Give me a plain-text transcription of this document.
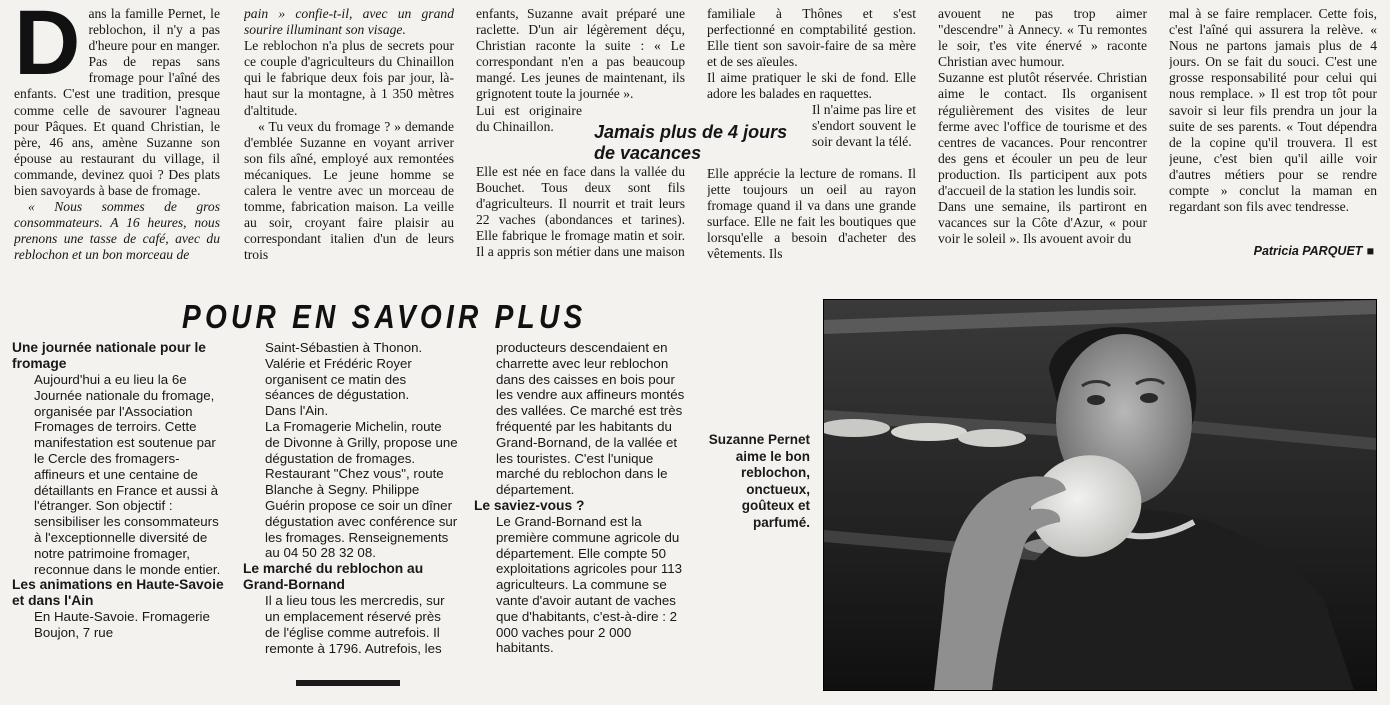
D ans la famille Pernet, le reblochon, il n'y a pas d'heure pour en manger. Pas de repas sans fromage pour l'aîné des enfants. C'est une tradition, presque comme celle de savourer l'agneau pour Pâques. Et quand Christian, le père, 46 ans, amène Suzanne son épouse au restaurant du village, il commande, devinez quoi ? Des plats bien savoyards à base de fromage.

« Nous sommes de gros consommateurs. A 16 heures, nous prenons une tasse de café, avec du reblochon et un bon morceau de

pain » confie-t-il, avec un grand sourire illuminant son visage.

Le reblochon n'a plus de secrets pour ce couple d'agriculteurs du Chinaillon qui le fabrique deux fois par jour, là-haut sur la montagne, à 1 350 mètres d'altitude.

« Tu veux du fromage ? » demande d'emblée Suzanne en voyant arriver son fils aîné, employé aux remontées mécaniques. Le jeune homme se calera le ventre avec un morceau de tomme, fabrication maison. La veille au soir, croyant faire plaisir au correspondant italien d'un de leurs trois

enfants, Suzanne avait préparé une raclette. D'un air légèrement déçu, Christian raconte la suite : « Le correspondant n'en a pas beaucoup mangé. Les jeunes de maintenant, ils grignotent toute la journée ».

Lui est originaire du Chinaillon.

Elle est née en face dans la vallée du Bouchet. Tous deux sont fils d'agriculteurs. Il nourrit et trait leurs 22 vaches (abondances et tarines). Elle fabrique le fromage matin et soir. Il a appris son métier dans une maison

Jamais plus de 4 jours de vacances

familiale à Thônes et s'est perfectionné en comptabilité gestion. Elle tient son savoir-faire de sa mère et de ses aïeules.

Il aime pratiquer le ski de fond. Elle adore les balades en raquettes.

Il n'aime pas lire et s'endort souvent le soir devant la télé.

Elle apprécie la lecture de romans. Il jette toujours un oeil au rayon fromage quand il va dans une grande surface. Elle ne fait les boutiques que lorsqu'elle a besoin d'acheter des vêtements. Ils

avouent ne pas trop aimer "descendre" à Annecy. « Tu remontes le soir, t'es vite énervé » raconte Christian avec humour.

Suzanne est plutôt réservée. Christian aime le contact. Ils organisent régulièrement des visites de leur ferme avec l'office de tourisme et des centres de vacances. Pour rencontrer des gens et écouler un peu de leur production. Ils participent aux pots d'accueil de la station les lundis soir.

Dans une semaine, ils partiront en vacances sur la Côte d'Azur, « pour voir le soleil ». Ils avouent avoir du

mal à se faire remplacer. Cette fois, c'est l'aîné qui assurera la relève. « Nous ne partons jamais plus de 4 jours. On se fait du souci. C'est une grosse responsabilité pour celui qui nous remplace. » Il est trop tôt pour savoir si leur fils prendra un jour la suite de ses parents. « Tout dépendra de la copine qu'il trouvera. Il est jeune, c'est bien qu'il aille voir d'autres métiers pour se rendre compte » conclut la maman en regardant son fils avec tendresse.

Patricia PARQUET ■
POUR EN SAVOIR PLUS
Une journée nationale pour le fromage

Aujourd'hui a eu lieu la 6e Journée nationale du fromage, organisée par l'Association Fromages de terroirs. Cette manifestation est soutenue par le Cercle des fromagers-affineurs et une centaine de détaillants en France et aussi à l'étranger. Son objectif : sensibiliser les consommateurs à l'exceptionnelle diversité de notre patrimoine fromager, reconnue dans le monde entier.

Les animations en Haute-Savoie et dans l'Ain

En Haute-Savoie. Fromagerie Boujon, 7 rue

Saint-Sébastien à Thonon. Valérie et Frédéric Royer organisent ce matin des séances de dégustation.

Dans l'Ain.

La Fromagerie Michelin, route de Divonne à Grilly, propose une dégustation de fromages. Restaurant "Chez vous", route Blanche à Segny. Philippe Guérin propose ce soir un dîner dégustation avec conférence sur les fromages. Renseignements au 04 50 28 32 08.

Le marché du reblochon au Grand-Bornand

Il a lieu tous les mercredis, sur un emplacement réservé près de l'église comme autrefois. Il remonte à 1796. Autrefois, les

producteurs descendaient en charrette avec leur reblochon dans des caisses en bois pour les vendre aux affineurs montés des vallées. Ce marché est très fréquenté par les habitants du Grand-Bornand, de la vallée et les touristes. C'est l'unique marché du reblochon dans le département.

Le saviez-vous ?

Le Grand-Bornand est la première commune agricole du département. Elle compte 50 exploitations agricoles pour 113 agriculteurs. La commune se vante d'avoir autant de vaches que d'habitants, c'est-à-dire : 2 000 vaches pour 2 000 habitants.

Suzanne Pernet aime le bon reblochon, onctueux, goûteux et parfumé.
